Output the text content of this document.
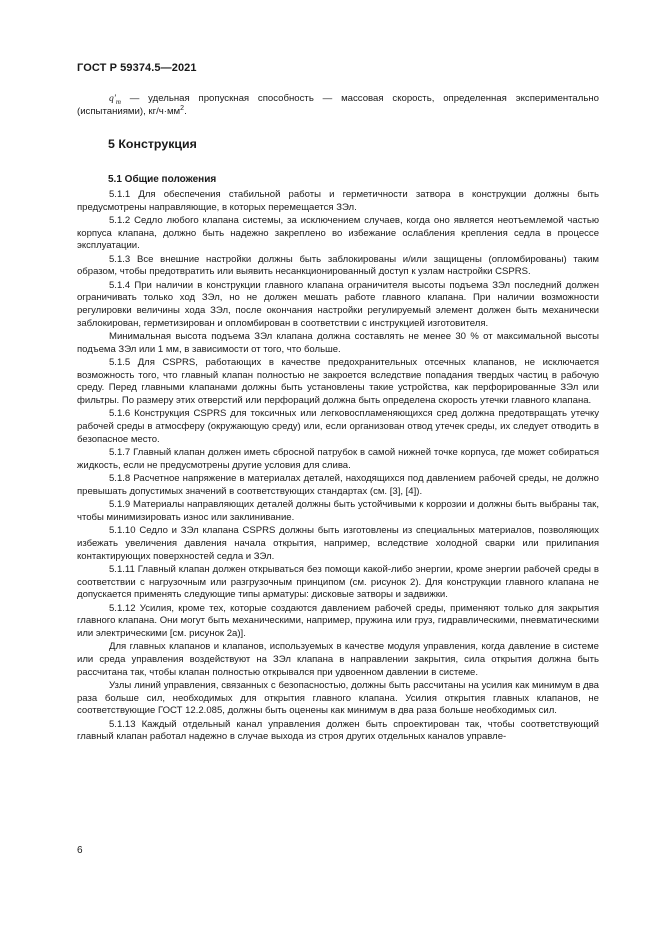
ГОСТ Р 59374.5—2021

$q'_m$ — удельная пропускная способность — массовая скорость, определенная экспериментально (испытаниями), $кг/ч\cdot мм^2$.

5 Конструкция
5.1 Общие положения

5.1.1 Для обеспечения стабильной работы и герметичности затвора в конструкции должны быть предусмотрены направляющие, в которых перемещается ЗЭл.

5.1.2 Седло любого клапана системы, за исключением случаев, когда оно является неотъемлемой частью корпуса клапана, должно быть надежно закреплено во избежание ослабления крепления седла в процессе эксплуатации.

5.1.3 Все внешние настройки должны быть заблокированы и/или защищены (опломбированы) таким образом, чтобы предотвратить или выявить несанкционированный доступ к узлам настройки CSPRS.

5.1.4 При наличии в конструкции главного клапана ограничителя высоты подъема ЗЭл последний должен ограничивать только ход ЗЭл, но не должен мешать работе главного клапана. При наличии возможности регулировки величины хода ЗЭл, после окончания настройки регулируемый элемент должен быть механически заблокирован, герметизирован и опломбирован в соответствии с инструкцией изготовителя.

Минимальная высота подъема ЗЭл клапана должна составлять не менее 30 % от максимальной высоты подъема ЗЭл или 1 мм, в зависимости от того, что больше.

5.1.5 Для CSPRS, работающих в качестве предохранительных отсечных клапанов, не исключается возможность того, что главный клапан полностью не закроется вследствие попадания твердых частиц в рабочую среду. Перед главными клапанами должны быть установлены такие устройства, как перфорированные ЗЭл или фильтры. По размеру этих отверстий или перфораций должна быть определена скорость утечки главного клапана.

5.1.6 Конструкция CSPRS для токсичных или легковоспламеняющихся сред должна предотвращать утечку рабочей среды в атмосферу (окружающую среду) или, если организован отвод утечек среды, их следует отводить в безопасное место.

5.1.7 Главный клапан должен иметь сбросной патрубок в самой нижней точке корпуса, где может собираться жидкость, если не предусмотрены другие условия для слива.

5.1.8 Расчетное напряжение в материалах деталей, находящихся под давлением рабочей среды, не должно превышать допустимых значений в соответствующих стандартах (см. [3], [4]).

5.1.9 Материалы направляющих деталей должны быть устойчивыми к коррозии и должны быть выбраны так, чтобы минимизировать износ или заклинивание.

5.1.10 Седло и ЗЭл клапана CSPRS должны быть изготовлены из специальных материалов, позволяющих избежать увеличения давления начала открытия, например, вследствие холодной сварки или прилипания контактирующих поверхностей седла и ЗЭл.

5.1.11 Главный клапан должен открываться без помощи какой-либо энергии, кроме энергии рабочей среды в соответствии с нагрузочным или разгрузочным принципом (см. рисунок 2). Для конструкции главного клапана не допускается применять следующие типы арматуры: дисковые затворы и задвижки.

5.1.12 Усилия, кроме тех, которые создаются давлением рабочей среды, применяют только для закрытия главного клапана. Они могут быть механическими, например, пружина или груз, гидравлическими, пневматическими или электрическими [см. рисунок 2а)].

Для главных клапанов и клапанов, используемых в качестве модуля управления, когда давление в системе или среда управления воздействуют на ЗЭл клапана в направлении закрытия, сила открытия должна быть рассчитана так, чтобы клапан полностью открывался при удвоенном давлении в системе.

Узлы линий управления, связанных с безопасностью, должны быть рассчитаны на усилия как минимум в два раза больше сил, необходимых для открытия главного клапана. Усилия открытия главных клапанов, не соответствующие ГОСТ 12.2.085, должны быть оценены как минимум в два раза больше необходимых сил.

5.1.13 Каждый отдельный канал управления должен быть спроектирован так, чтобы соответствующий главный клапан работал надежно в случае выхода из строя других отдельных каналов управле-

6
